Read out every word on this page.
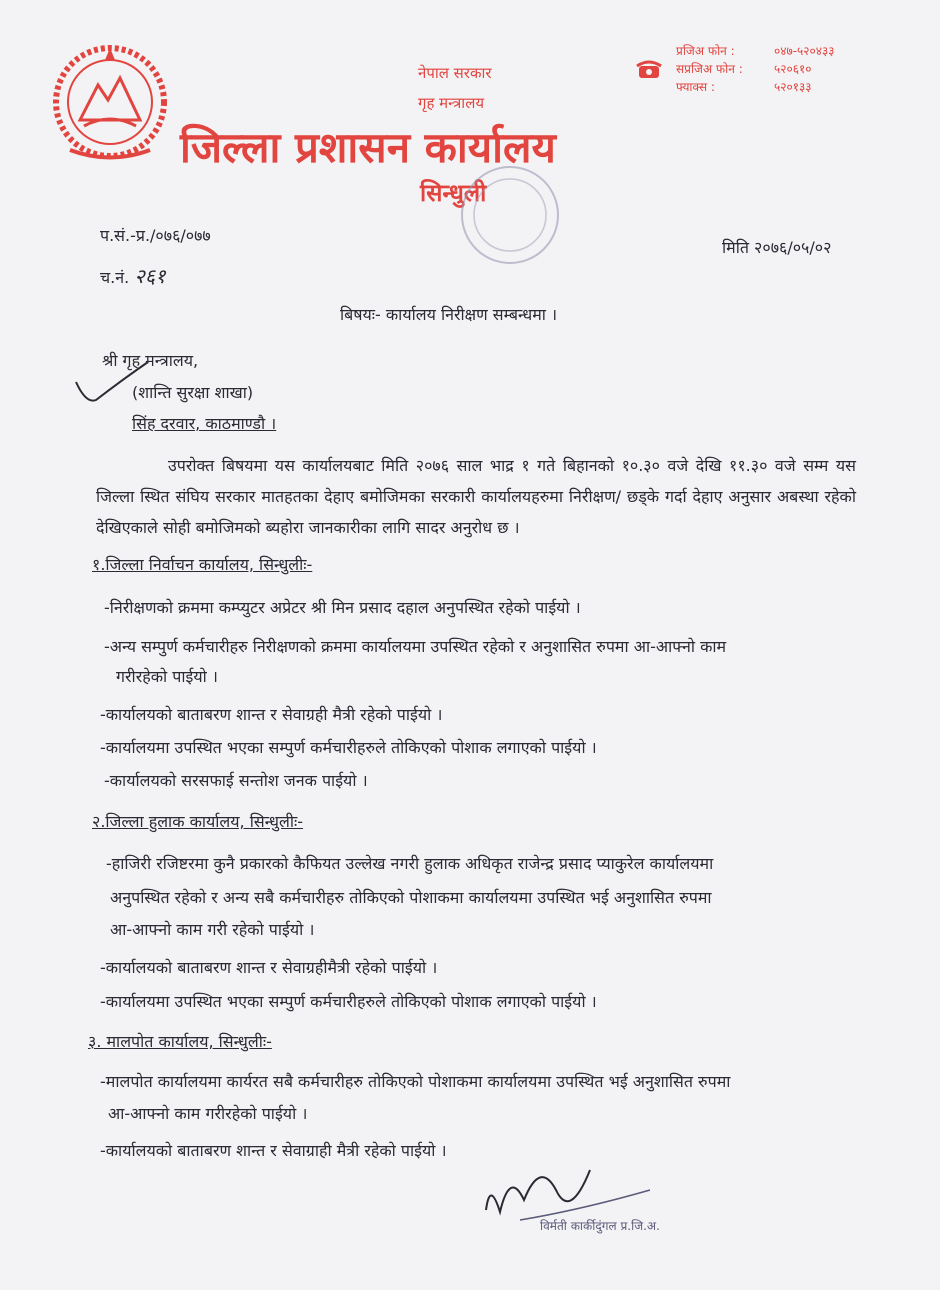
नेपाल सरकार
गृह मन्त्रालय
प्रजिअ फोन :	०४७-५२०४३३
सप्रजिअ फोन :	५२०६१०
फ्याक्स :	५२०१३३
जिल्ला प्रशासन कार्यालय
सिन्धुली
प.सं.-प्र./०७६/०७७
च.नं. २६१
मिति २०७६/०५/०२
बिषयः- कार्यालय निरीक्षण सम्बन्धमा ।
श्री गृह मन्त्रालय,
(शान्ति सुरक्षा शाखा)
सिंह दरवार, काठमाण्डौ ।
उपरोक्त बिषयमा यस कार्यालयबाट मिति २०७६ साल भाद्र १ गते बिहानको १०.३० वजे देखि ११.३० वजे सम्म यस जिल्ला स्थित संघिय सरकार मातहतका देहाए बमोजिमका सरकारी कार्यालयहरुमा निरीक्षण/ छड्के गर्दा देहाए अनुसार अबस्था रहेको देखिएकाले सोही बमोजिमको ब्यहोरा जानकारीका लागि सादर अनुरोध छ ।
१.जिल्ला निर्वाचन कार्यालय, सिन्धुलीः-
-निरीक्षणको क्रममा कम्प्युटर अप्रेटर श्री मिन प्रसाद दहाल अनुपस्थित रहेको पाईयो ।
-अन्य सम्पुर्ण कर्मचारीहरु निरीक्षणको क्रममा कार्यालयमा उपस्थित रहेको र अनुशासित रुपमा आ-आफ्नो काम
गरीरहेको पाईयो ।
-कार्यालयको बाताबरण शान्त र सेवाग्रही मैत्री रहेको पाईयो ।
-कार्यालयमा उपस्थित भएका सम्पुर्ण कर्मचारीहरुले तोकिएको पोशाक लगाएको पाईयो ।
-कार्यालयको सरसफाई सन्तोश जनक पाईयो ।
२.जिल्ला हुलाक कार्यालय, सिन्धुलीः-
-हाजिरी रजिष्टरमा कुनै प्रकारको कैफियत उल्लेख नगरी हुलाक अधिकृत राजेन्द्र प्रसाद प्याकुरेल कार्यालयमा
अनुपस्थित रहेको र अन्य सबै कर्मचारीहरु तोकिएको पोशाकमा कार्यालयमा उपस्थित भई अनुशासित रुपमा
आ-आफ्नो काम गरी रहेको पाईयो ।
-कार्यालयको बाताबरण शान्त र सेवाग्रहीमैत्री रहेको पाईयो ।
-कार्यालयमा उपस्थित भएका सम्पुर्ण कर्मचारीहरुले तोकिएको पोशाक लगाएको पाईयो ।
३. मालपोत कार्यालय, सिन्धुलीः-
-मालपोत कार्यालयमा कार्यरत सबै कर्मचारीहरु तोकिएको पोशाकमा कार्यालयमा उपस्थित भई अनुशासित रुपमा
आ-आफ्नो काम गरीरहेको पाईयो ।
-कार्यालयको बाताबरण शान्त र सेवाग्राही मैत्री रहेको पाईयो ।
विर्मती कार्कीदुंगल प्र.जि.अ.
